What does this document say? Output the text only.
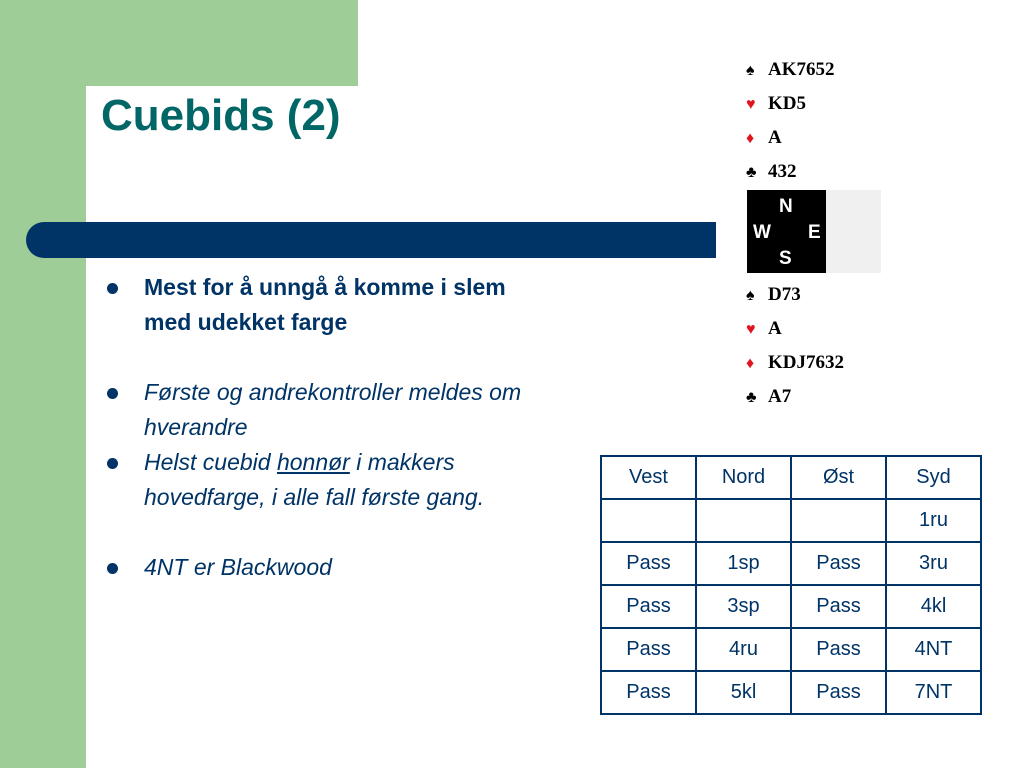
Cuebids (2)
Mest for å unngå å komme i slem med udekket farge
Første og andrekontroller meldes om hverandre
Helst cuebid honnør i makkers hovedfarge, i alle fall første gang.
4NT er Blackwood
♠ AK7652
♥ KD5
♦ A
♣ 432
N
W E
S
♠ D73
♥ A
♦ KDJ7632
♣ A7
Vest	Nord	Øst	Syd
			1ru
Pass	1sp	Pass	3ru
Pass	3sp	Pass	4kl
Pass	4ru	Pass	4NT
Pass	5kl	Pass	7NT
